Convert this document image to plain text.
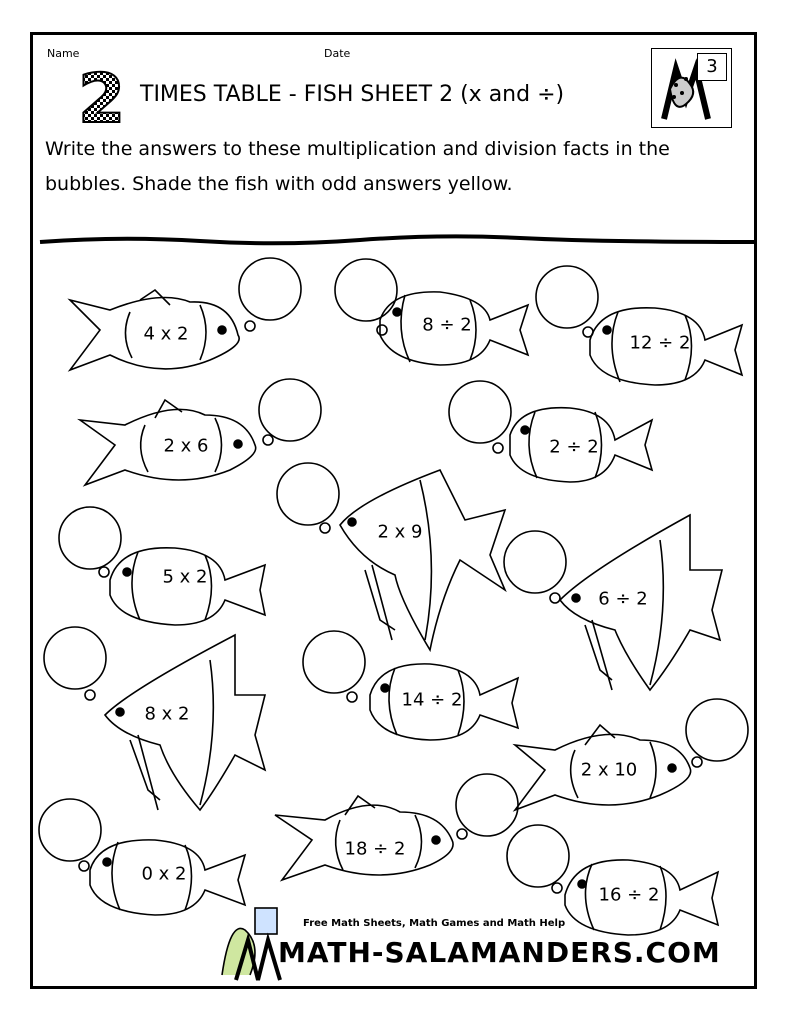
Name	Date
2 TIMES TABLE - FISH SHEET 2 (x and ÷)
3
Write the answers to these multiplication and division facts in the bubbles. Shade the fish with odd answers yellow.
4 x 2	8 ÷ 2
12 ÷ 2
2 x 6	2 ÷ 2
2 x 9
5 x 2
6 ÷ 2
8 x 2
14 ÷ 2
2 x 10
0 x 2
18 ÷ 2
16 ÷ 2
Free Math Sheets, Math Games and Math Help
MATH-SALAMANDERS.COM
